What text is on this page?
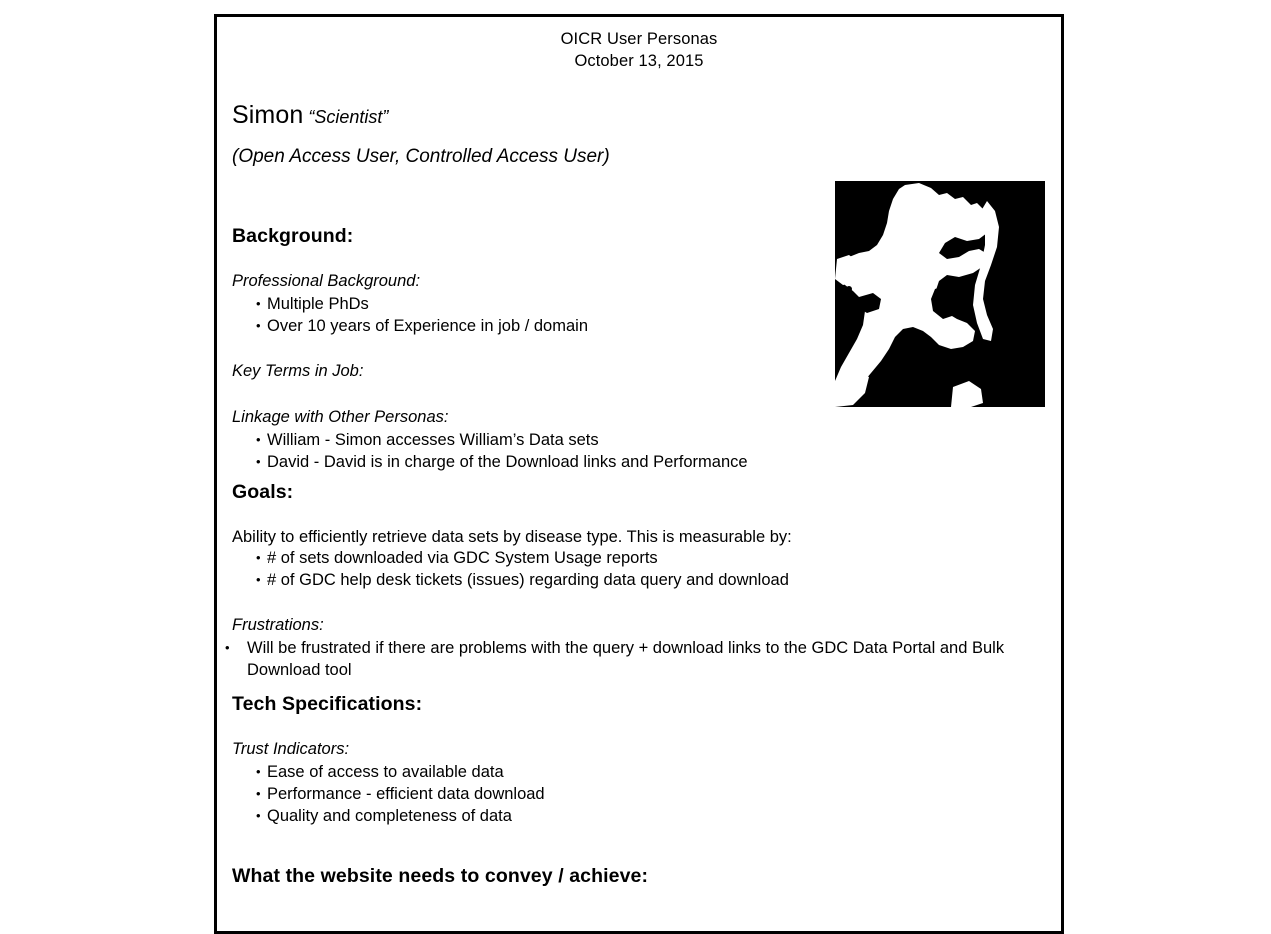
OICR User Personas
October 13, 2015
Simon “Scientist”
(Open Access User, Controlled Access User)
Background:
Professional Background:
• Multiple PhDs
• Over 10 years of Experience in job / domain
Key Terms in Job:
Linkage with Other Personas:
• William - Simon accesses William’s Data sets
• David - David is in charge of the Download links and Performance
Goals:
Ability to efficiently retrieve data sets by disease type. This is measurable by:
• # of sets downloaded via GDC System Usage reports
• # of GDC help desk tickets (issues) regarding data query and download
Frustrations:
• Will be frustrated if there are problems with the query + download links to the GDC Data Portal and Bulk Download tool
Tech Specifications:
Trust Indicators:
• Ease of access to available data
• Performance - efficient data download
• Quality and completeness of data
What the website needs to convey / achieve:
